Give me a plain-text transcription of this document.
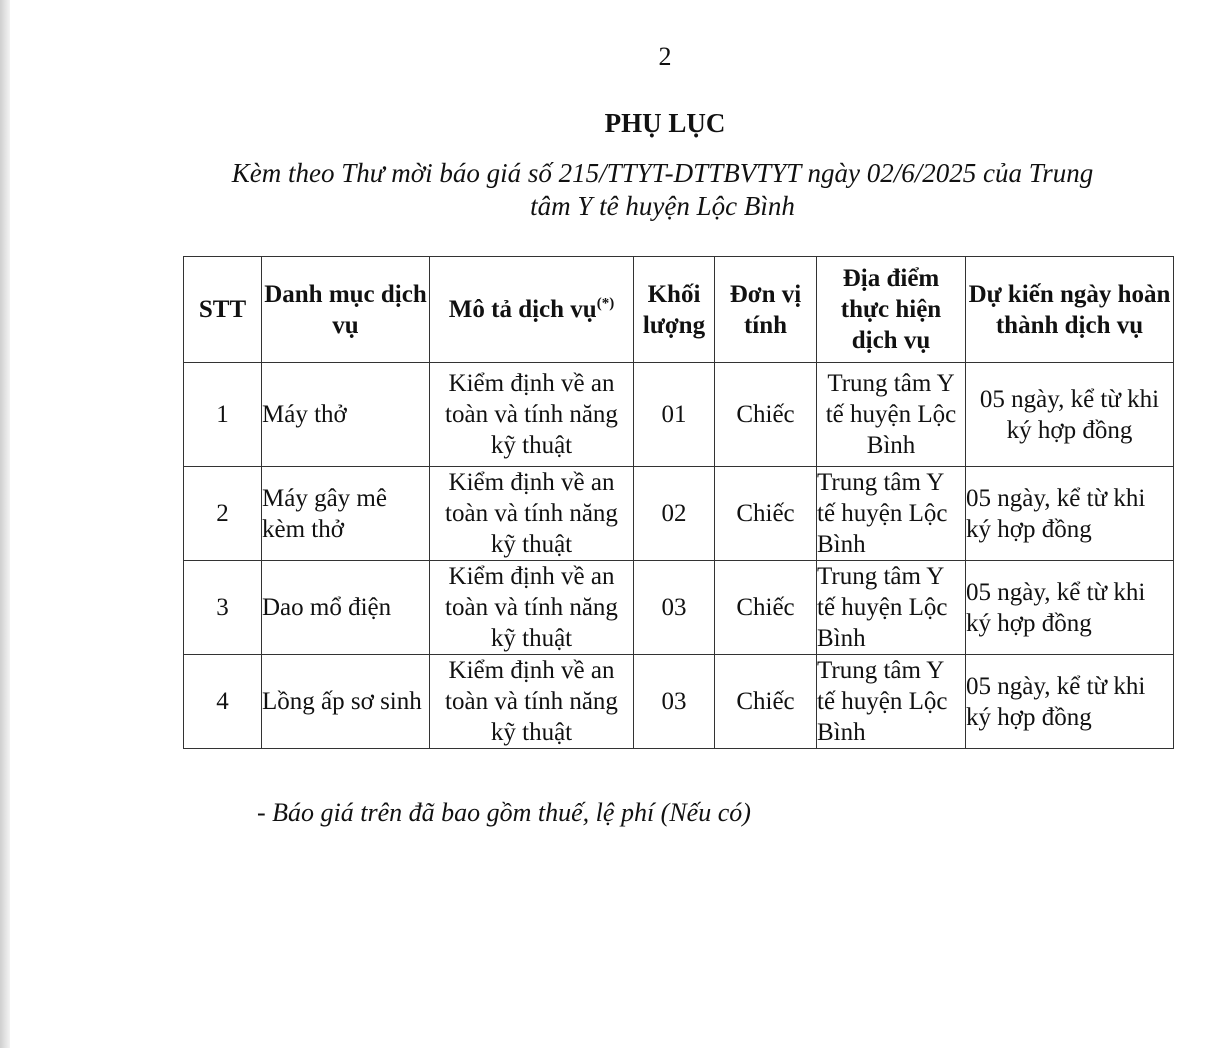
2
PHỤ LỤC
Kèm theo Thư mời báo giá số 215/TTYT-DTTBVTYT ngày 02/6/2025 của Trung
tâm Y tê huyện Lộc Bình
STT	Danh mục dịch vụ	Mô tả dịch vụ(*)	Khối lượng	Đơn vị tính	Địa điểm thực hiện dịch vụ	Dự kiến ngày hoàn thành dịch vụ
1	Máy thở	Kiểm định về an toàn và tính năng kỹ thuật	01	Chiếc	Trung tâm Y tế huyện Lộc Bình	05 ngày, kể từ khi ký hợp đồng
2	Máy gây mê kèm thở	Kiểm định về an toàn và tính năng kỹ thuật	02	Chiếc	Trung tâm Y tế huyện Lộc Bình	05 ngày, kể từ khi ký hợp đồng
3	Dao mổ điện	Kiểm định về an toàn và tính năng kỹ thuật	03	Chiếc	Trung tâm Y tế huyện Lộc Bình	05 ngày, kể từ khi ký hợp đồng
4	Lồng ấp sơ sinh	Kiểm định về an toàn và tính năng kỹ thuật	03	Chiếc	Trung tâm Y tế huyện Lộc Bình	05 ngày, kể từ khi ký hợp đồng
- Báo giá trên đã bao gồm thuế, lệ phí (Nếu có)
